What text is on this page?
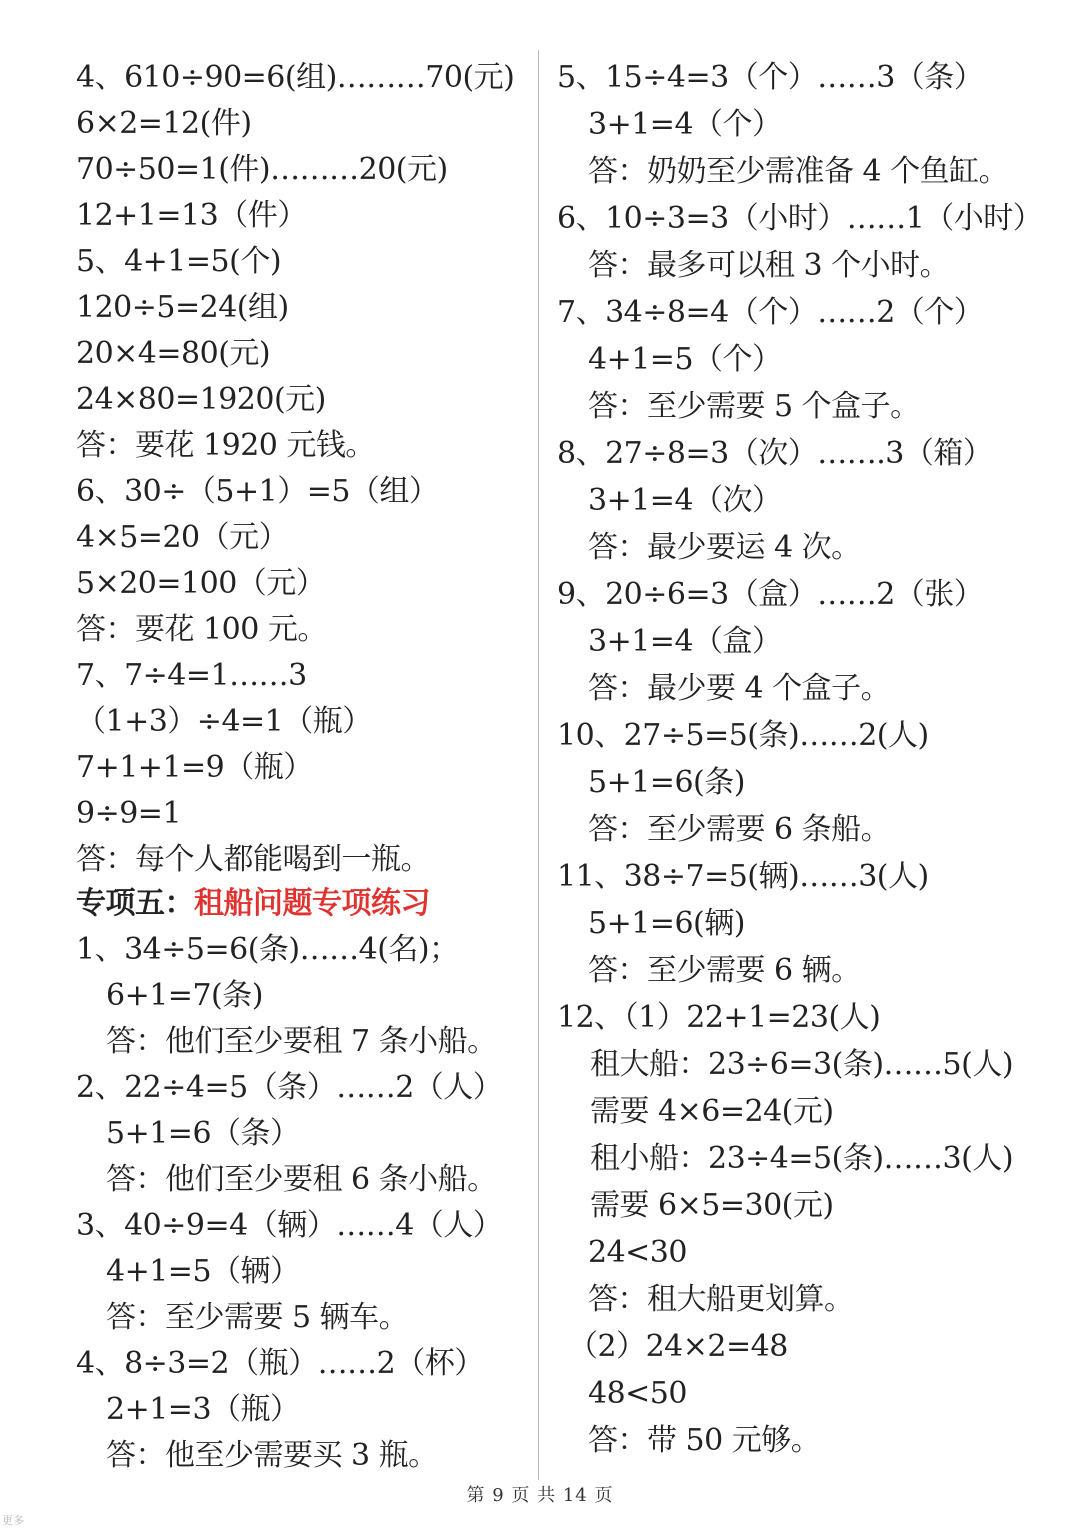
4、610÷90=6(组)………70(元)
6×2=12(件)
70÷50=1(件)………20(元)
12+1=13（件）
5、4+1=5(个)
120÷5=24(组)
20×4=80(元)
24×80=1920(元)
答：要花 1920 元钱。
6、30÷（5+1）=5（组）
4×5=20（元）
5×20=100（元）
答：要花 100 元。
7、7÷4=1……3
（1+3）÷4=1（瓶）
7+1+1=9（瓶）
9÷9=1
答：每个人都能喝到一瓶。
专项五：租船问题专项练习
1、34÷5=6(条)……4(名)；
6+1=7(条)
答：他们至少要租 7 条小船。
2、22÷4=5（条）……2（人）
5+1=6（条）
答：他们至少要租 6 条小船。
3、40÷9=4（辆）……4（人）
4+1=5（辆）
答：至少需要 5 辆车。
4、8÷3=2（瓶）……2（杯）
2+1=3（瓶）
答：他至少需要买 3 瓶。
5、15÷4=3（个）……3（条）
3+1=4（个）
答：奶奶至少需准备 4 个鱼缸。
6、10÷3=3（小时）……1（小时）
答：最多可以租 3 个小时。
7、34÷8=4（个）……2（个）
4+1=5（个）
答：至少需要 5 个盒子。
8、27÷8=3（次）…….3（箱）
3+1=4（次）
答：最少要运 4 次。
9、20÷6=3（盒）……2（张）
3+1=4（盒）
答：最少要 4 个盒子。
10、27÷5=5(条)……2(人)
5+1=6(条)
答：至少需要 6 条船。
11、38÷7=5(辆)……3(人)
5+1=6(辆)
答：至少需要 6 辆。
12、（1）22+1=23(人)
租大船：23÷6=3(条)……5(人)
需要 4×6=24(元)
租小船：23÷4=5(条)……3(人)
需要 6×5=30(元)
24<30
答：租大船更划算。
（2）24×2=48
48<50
答：带 50 元够。
第 9 页 共 14 页
更多
